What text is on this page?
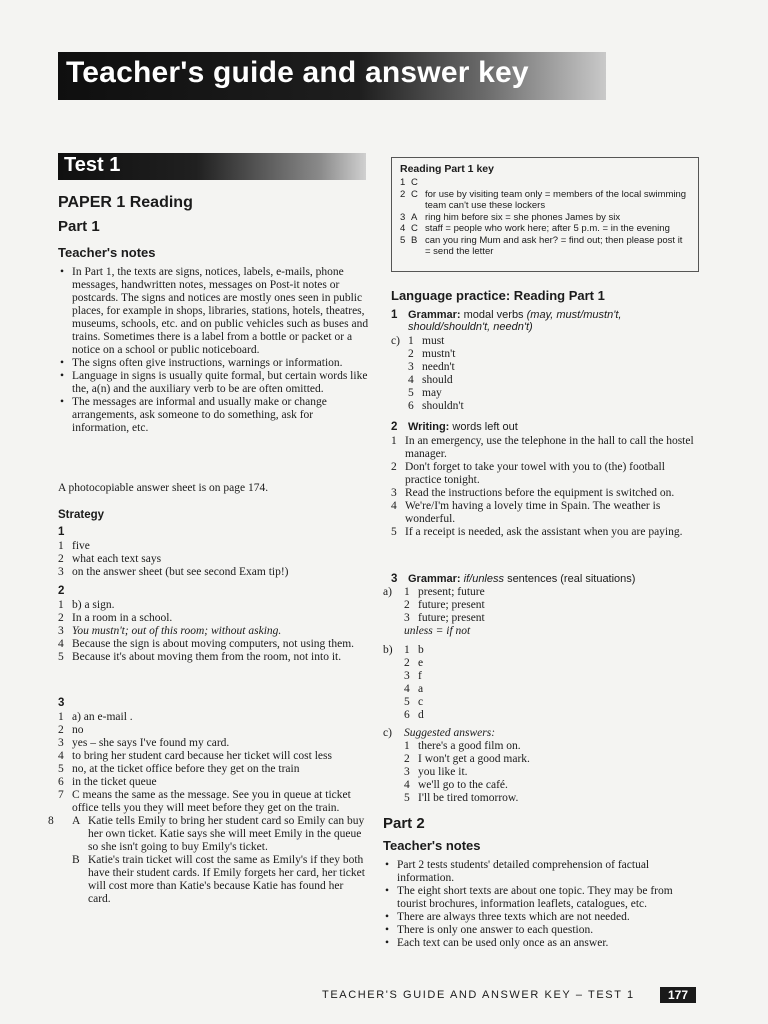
Teacher's guide and answer key
Test 1
PAPER 1 Reading
Part 1
Teacher's notes
• In Part 1, the texts are signs, notices, labels, e-mails, phone messages, handwritten notes, messages on Post-it notes or postcards. The signs and notices are mostly ones seen in public places, for example in shops, libraries, stations, hotels, theatres, museums, schools, etc. and on public vehicles such as buses and trains. Sometimes there is a label from a bottle or packet or a notice on a school or public noticeboard.
• The signs often give instructions, warnings or information.
• Language in signs is usually quite formal, but certain words like the, a(n) and the auxiliary verb to be are often omitted.
• The messages are informal and usually make or change arrangements, ask someone to do something, ask for information, etc.
A photocopiable answer sheet is on page 174.
Strategy
1
1 five
2 what each text says
3 on the answer sheet (but see second Exam tip!)
2
1 b) a sign.
2 In a room in a school.
3 You mustn't; out of this room; without asking.
4 Because the sign is about moving computers, not using them.
5 Because it's about moving them from the room, not into it.
3
1 a) an e-mail .
2 no
3 yes – she says I've found my card.
4 to bring her student card because her ticket will cost less
5 no, at the ticket office before they get on the train
6 in the ticket queue
7 C means the same as the message. See you in queue at ticket office tells you they will meet before they get on the train.
8	A Katie tells Emily to bring her student card so Emily can buy her own ticket. Katie says she will meet Emily in the queue so she isn't going to buy Emily's ticket.
B Katie's train ticket will cost the same as Emily's if they both have their student cards. If Emily forgets her card, her ticket will cost more than Katie's because Katie has found her card.
Reading Part 1 key
1 C
2 C for use by visiting team only = members of the local swimming team can't use these lockers
3 A ring him before six = she phones James by six
4 C staff = people who work here; after 5 p.m. = in the evening
5 B can you ring Mum and ask her? = find out; then please post it = send the letter
Language practice: Reading Part 1
1 Grammar: modal verbs (may, must/mustn't, should/shouldn't, needn't)
c) 1 must
2 mustn't
3 needn't
4 should
5 may
6 shouldn't
2 Writing: words left out
1 In an emergency, use the telephone in the hall to call the hostel manager.
2 Don't forget to take your towel with you to (the) football practice tonight.
3 Read the instructions before the equipment is switched on.
4 We're/I'm having a lovely time in Spain. The weather is wonderful.
5 If a receipt is needed, ask the assistant when you are paying.
3 Grammar: if/unless sentences (real situations)
a)	1 present; future
2 future; present
3 future; present
unless = if not
b) 1 b
2 e
3 f
4 a
5 c
6 d
c)	Suggested answers:
1 there's a good film on.
2 I won't get a good mark.
3 you like it.
4 we'll go to the café.
5 I'll be tired tomorrow.
Part 2
Teacher's notes
• Part 2 tests students' detailed comprehension of factual information.
• The eight short texts are about one topic. They may be from tourist brochures, information leaflets, catalogues, etc.
• There are always three texts which are not needed.
• There is only one answer to each question.
• Each text can be used only once as an answer.
TEACHER'S GUIDE AND ANSWER KEY – TEST 1	177
